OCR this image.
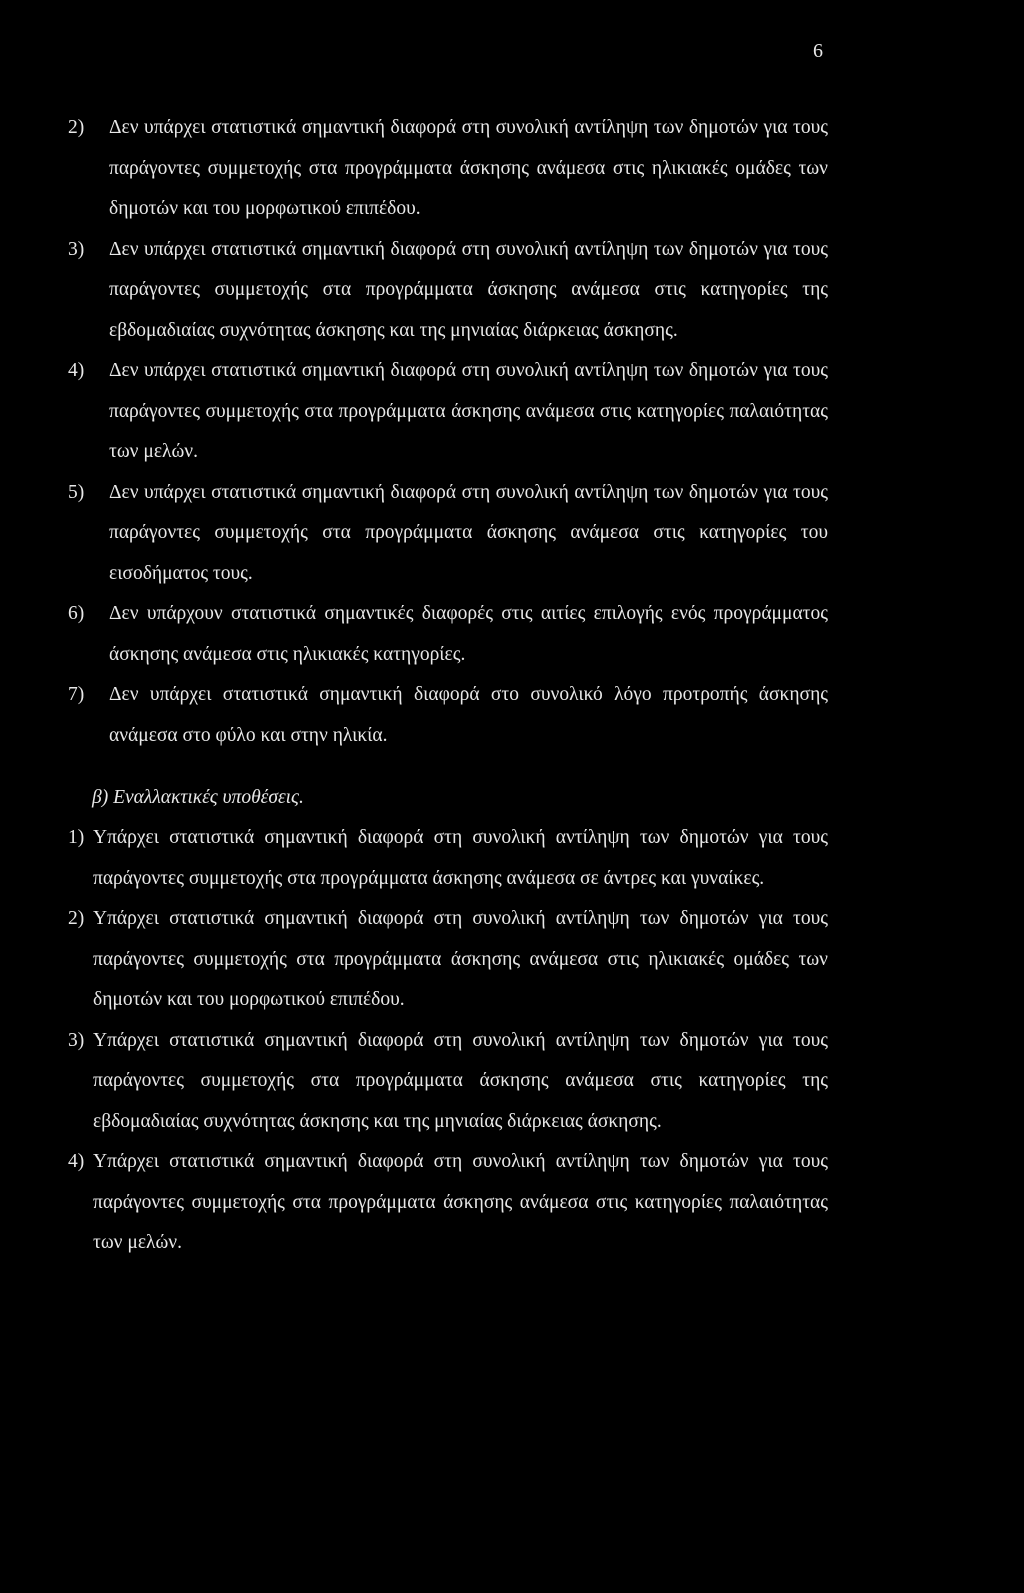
6
2) Δεν υπάρχει στατιστικά σημαντική διαφορά στη συνολική αντίληψη των δημοτών για τους παράγοντες συμμετοχής στα προγράμματα άσκησης ανάμεσα στις ηλικιακές ομάδες των δημοτών και του μορφωτικού επιπέδου.
3) Δεν υπάρχει στατιστικά σημαντική διαφορά στη συνολική αντίληψη των δημοτών για τους παράγοντες συμμετοχής στα προγράμματα άσκησης ανάμεσα στις κατηγορίες της εβδομαδιαίας συχνότητας άσκησης και της μηνιαίας διάρκειας άσκησης.
4) Δεν υπάρχει στατιστικά σημαντική διαφορά στη συνολική αντίληψη των δημοτών για τους παράγοντες συμμετοχής στα προγράμματα άσκησης ανάμεσα στις κατηγορίες παλαιότητας των μελών.
5) Δεν υπάρχει στατιστικά σημαντική διαφορά στη συνολική αντίληψη των δημοτών για τους παράγοντες συμμετοχής στα προγράμματα άσκησης ανάμεσα στις κατηγορίες του εισοδήματος τους.
6) Δεν υπάρχουν στατιστικά σημαντικές διαφορές στις αιτίες επιλογής ενός προγράμματος άσκησης ανάμεσα στις ηλικιακές κατηγορίες.
7) Δεν υπάρχει στατιστικά σημαντική διαφορά στο συνολικό λόγο προτροπής άσκησης ανάμεσα στο φύλο και στην ηλικία.
β) Εναλλακτικές υποθέσεις.
1) Υπάρχει στατιστικά σημαντική διαφορά στη συνολική αντίληψη των δημοτών για τους παράγοντες συμμετοχής στα προγράμματα άσκησης ανάμεσα σε άντρες και γυναίκες.
2) Υπάρχει στατιστικά σημαντική διαφορά στη συνολική αντίληψη των δημοτών για τους παράγοντες συμμετοχής στα προγράμματα άσκησης ανάμεσα στις ηλικιακές ομάδες των δημοτών και του μορφωτικού επιπέδου.
3) Υπάρχει στατιστικά σημαντική διαφορά στη συνολική αντίληψη των δημοτών για τους παράγοντες συμμετοχής στα προγράμματα άσκησης ανάμεσα στις κατηγορίες της εβδομαδιαίας συχνότητας άσκησης και της μηνιαίας διάρκειας άσκησης.
4) Υπάρχει στατιστικά σημαντική διαφορά στη συνολική αντίληψη των δημοτών για τους παράγοντες συμμετοχής στα προγράμματα άσκησης ανάμεσα στις κατηγορίες παλαιότητας των μελών.
